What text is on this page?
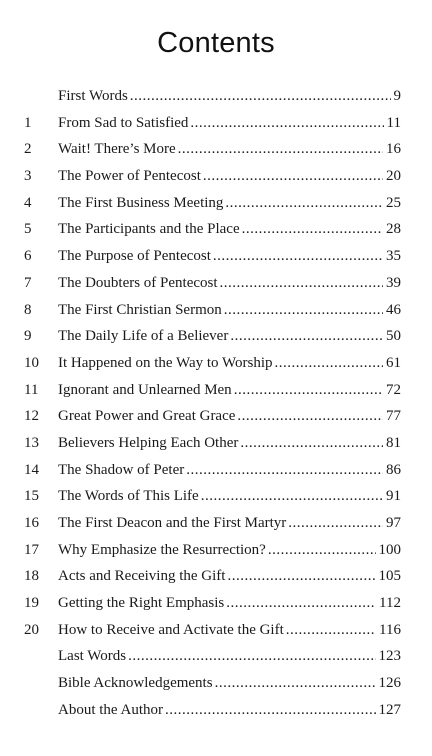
Contents
First Words .....	9
1 From Sad to Satisfied .....	11
2 Wait! There’s More .....	16
3 The Power of Pentecost .....	20
4 The First Business Meeting .....	25
5 The Participants and the Place .....	28
6 The Purpose of Pentecost .....	35
7 The Doubters of Pentecost .....	39
8 The First Christian Sermon .....	46
9 The Daily Life of a Believer .....	50
10 It Happened on the Way to Worship .....	61
11 Ignorant and Unlearned Men .....	72
12 Great Power and Great Grace .....	77
13 Believers Helping Each Other .....	81
14 The Shadow of Peter .....	86
15 The Words of This Life .....	91
16 The First Deacon and the First Martyr .....	97
17 Why Emphasize the Resurrection? .....	100
18 Acts and Receiving the Gift .....	105
19 Getting the Right Emphasis .....	112
20 How to Receive and Activate the Gift .....	116
Last Words .....	123
Bible Acknowledgements .....	126
About the Author .....	127
